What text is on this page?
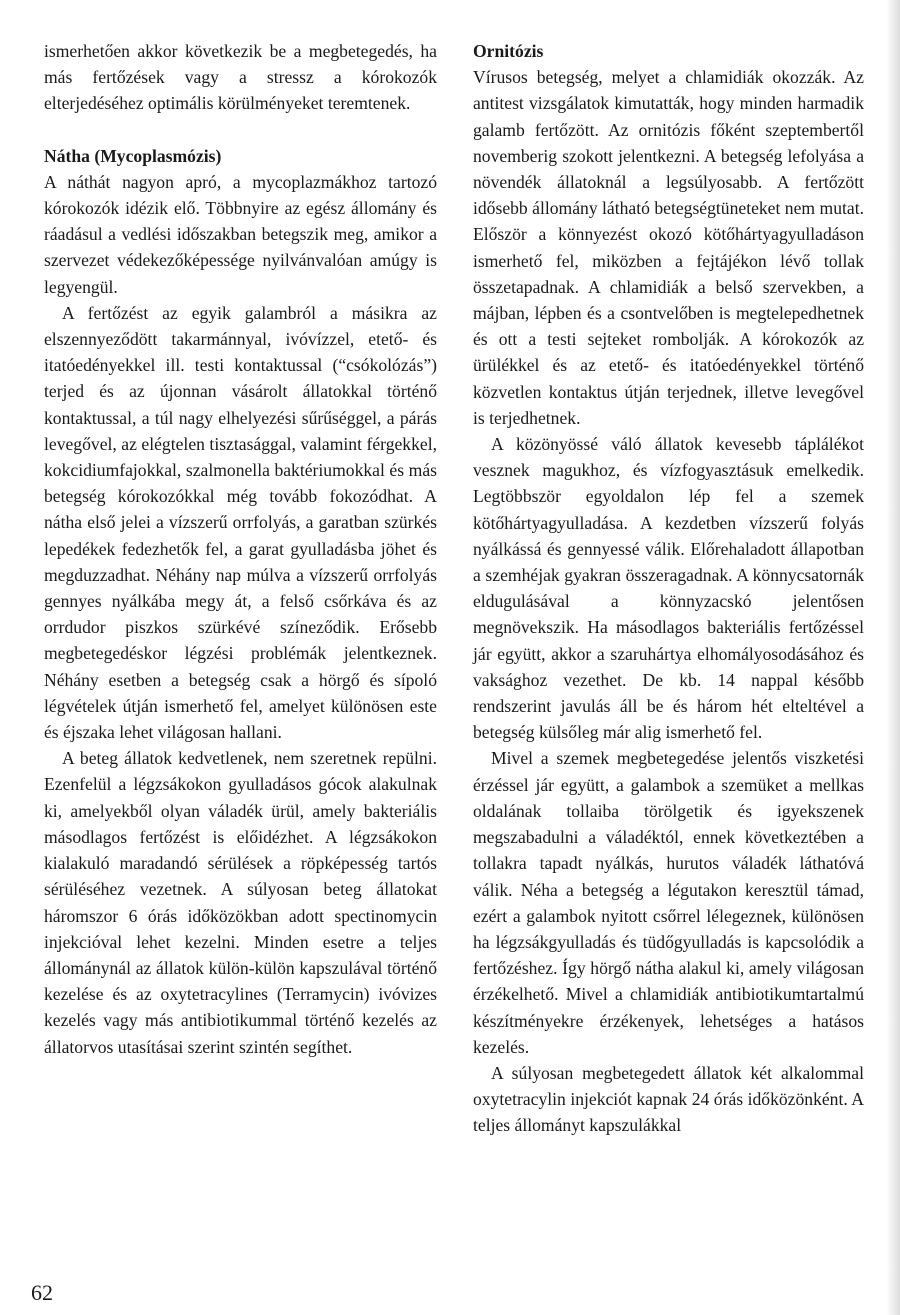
ismerhetően akkor következik be a megbetegedés, ha más fertőzések vagy a stressz a kórokozók elterjedéséhez optimális körülményeket teremtenek.

Nátha (Mycoplasmózis)

A náthát nagyon apró, a mycoplazmákhoz tartozó kórokozók idézik elő. Többnyire az egész állomány és ráadásul a vedlési időszakban betegszik meg, amikor a szervezet védekezőképessége nyilvánvalóan amúgy is legyengül.

A fertőzést az egyik galambról a másikra az elszennyeződött takarmánnyal, ivóvízzel, etető- és itatóedényekkel ill. testi kontaktussal (“csókolózás”) terjed és az újonnan vásárolt állatokkal történő kontaktussal, a túl nagy elhelyezési sűrűséggel, a párás levegővel, az elégtelen tisztasággal, valamint férgekkel, kokcidiumfajokkal, szalmonella baktériumokkal és más betegség kórokozókkal még tovább fokozódhat. A nátha első jelei a vízszerű orrfolyás, a garatban szürkés lepedékek fedezhetők fel, a garat gyulladásba jöhet és megduzzadhat. Néhány nap múlva a vízszerű orrfolyás gennyes nyálkába megy át, a felső csőrkáva és az orrdudor piszkos szürkévé színeződik. Erősebb megbetegedéskor légzési problémák jelentkeznek. Néhány esetben a betegség csak a hörgő és sípoló légvételek útján ismerhető fel, amelyet különösen este és éjszaka lehet világosan hallani.

A beteg állatok kedvetlenek, nem szeretnek repülni. Ezenfelül a légzsákokon gyulladásos gócok alakulnak ki, amelyekből olyan váladék ürül, amely bakteriális másodlagos fertőzést is előidézhet. A légzsákokon kialakuló maradandó sérülések a röpképesség tartós sérüléséhez vezetnek. A súlyosan beteg állatokat háromszor 6 órás időközökban adott spectinomycin injekcióval lehet kezelni. Minden esetre a teljes állománynál az állatok külön-külön kapszulával történő kezelése és az oxytetracylines (Terramycin) ivóvizes kezelés vagy más antibiotikummal történő kezelés az állatorvos utasításai szerint szintén segíthet.

Ornitózis

Vírusos betegség, melyet a chlamidiák okozzák. Az antitest vizsgálatok kimutatták, hogy minden harmadik galamb fertőzött. Az ornitózis főként szeptembertől novemberig szokott jelentkezni. A betegség lefolyása a növendék állatoknál a legsúlyosabb. A fertőzött idősebb állomány látható betegségtüneteket nem mutat. Először a könnyezést okozó kötőhártyagyulladáson ismerhető fel, miközben a fejtájékon lévő tollak összetapadnak. A chlamidiák a belső szervekben, a májban, lépben és a csontvelőben is megtelepedhetnek és ott a testi sejteket rombolják. A kórokozók az ürülékkel és az etető- és itatóedényekkel történő közvetlen kontaktus útján terjednek, illetve levegővel is terjedhetnek.

A közönyössé váló állatok kevesebb táplálékot vesznek magukhoz, és vízfogyasztásuk emelkedik. Legtöbbször egyoldalon lép fel a szemek kötőhártyagyulladása. A kezdetben vízszerű folyás nyálkássá és gennyessé válik. Előrehaladott állapotban a szemhéjak gyakran összeragadnak. A könnycsatornák eldugulásával a könnyzacskó jelentősen megnövekszik. Ha másodlagos bakteriális fertőzéssel jár együtt, akkor a szaruhártya elhomályosodásához és vaksághoz vezethet. De kb. 14 nappal később rendszerint javulás áll be és három hét elteltével a betegség külsőleg már alig ismerhető fel.

Mivel a szemek megbetegedése jelentős viszketési érzéssel jár együtt, a galambok a szemüket a mellkas oldalának tollaiba törölgetik és igyekszenek megszabadulni a váladéktól, ennek következtében a tollakra tapadt nyálkás, hurutos váladék láthatóvá válik. Néha a betegség a légutakon keresztül támad, ezért a galambok nyitott csőrrel lélegeznek, különösen ha légzsákgyulladás és tüdőgyulladás is kapcsolódik a fertőzéshez. Így hörgő nátha alakul ki, amely világosan érzékelhető. Mivel a chlamidiák antibiotikumtartalmú készítményekre érzékenyek, lehetséges a hatásos kezelés.

A súlyosan megbetegedett állatok két alkalommal oxytetracylin injekciót kapnak 24 órás időközönként. A teljes állományt kapszulákkal

62
